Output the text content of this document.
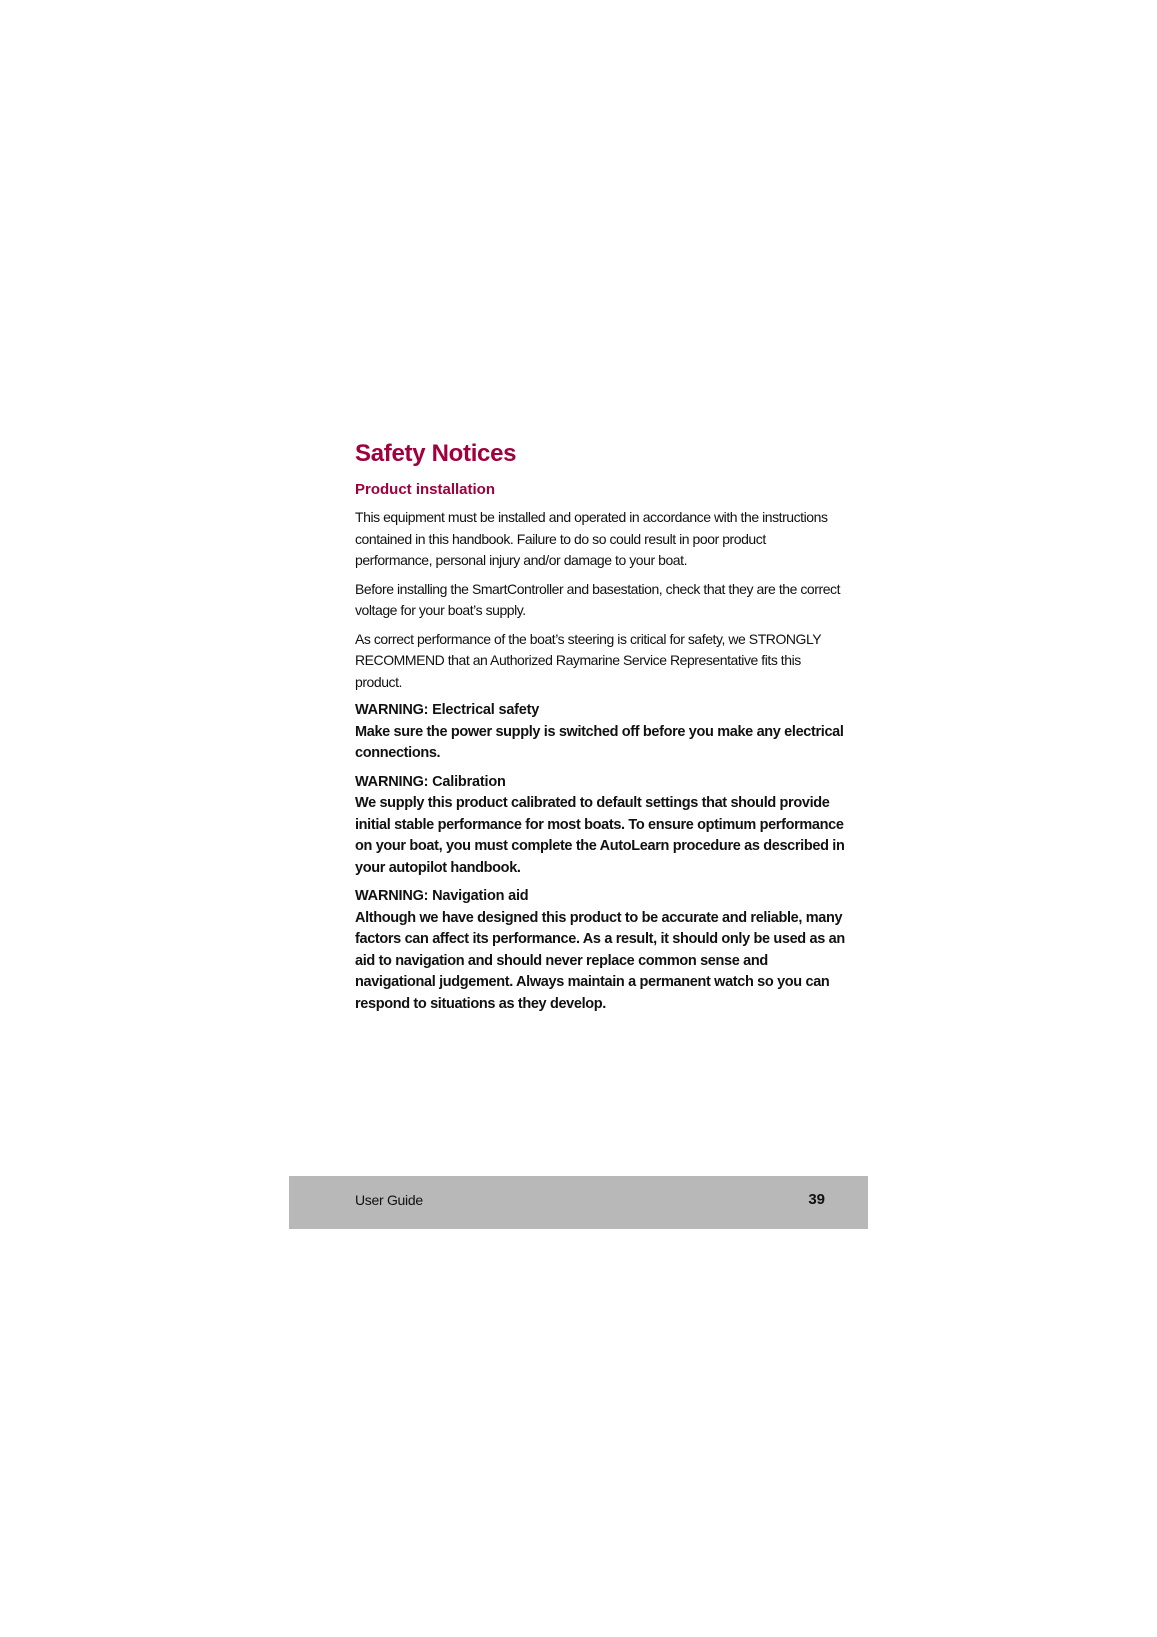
Safety Notices
Product installation

This equipment must be installed and operated in accordance with the instructions contained in this handbook. Failure to do so could result in poor product performance, personal injury and/or damage to your boat.

Before installing the SmartController and basestation, check that they are the correct voltage for your boat’s supply.

As correct performance of the boat’s steering is critical for safety, we STRONGLY RECOMMEND that an Authorized Raymarine Service Representative fits this product.

WARNING: Electrical safety
Make sure the power supply is switched off before you make any electrical connections.
WARNING: Calibration
We supply this product calibrated to default settings that should provide initial stable performance for most boats. To ensure optimum performance on your boat, you must complete the AutoLearn procedure as described in your autopilot handbook.
WARNING: Navigation aid
Although we have designed this product to be accurate and reliable, many factors can affect its performance. As a result, it should only be used as an aid to navigation and should never replace common sense and navigational judgement. Always maintain a permanent watch so you can respond to situations as they develop.
User Guide	39
